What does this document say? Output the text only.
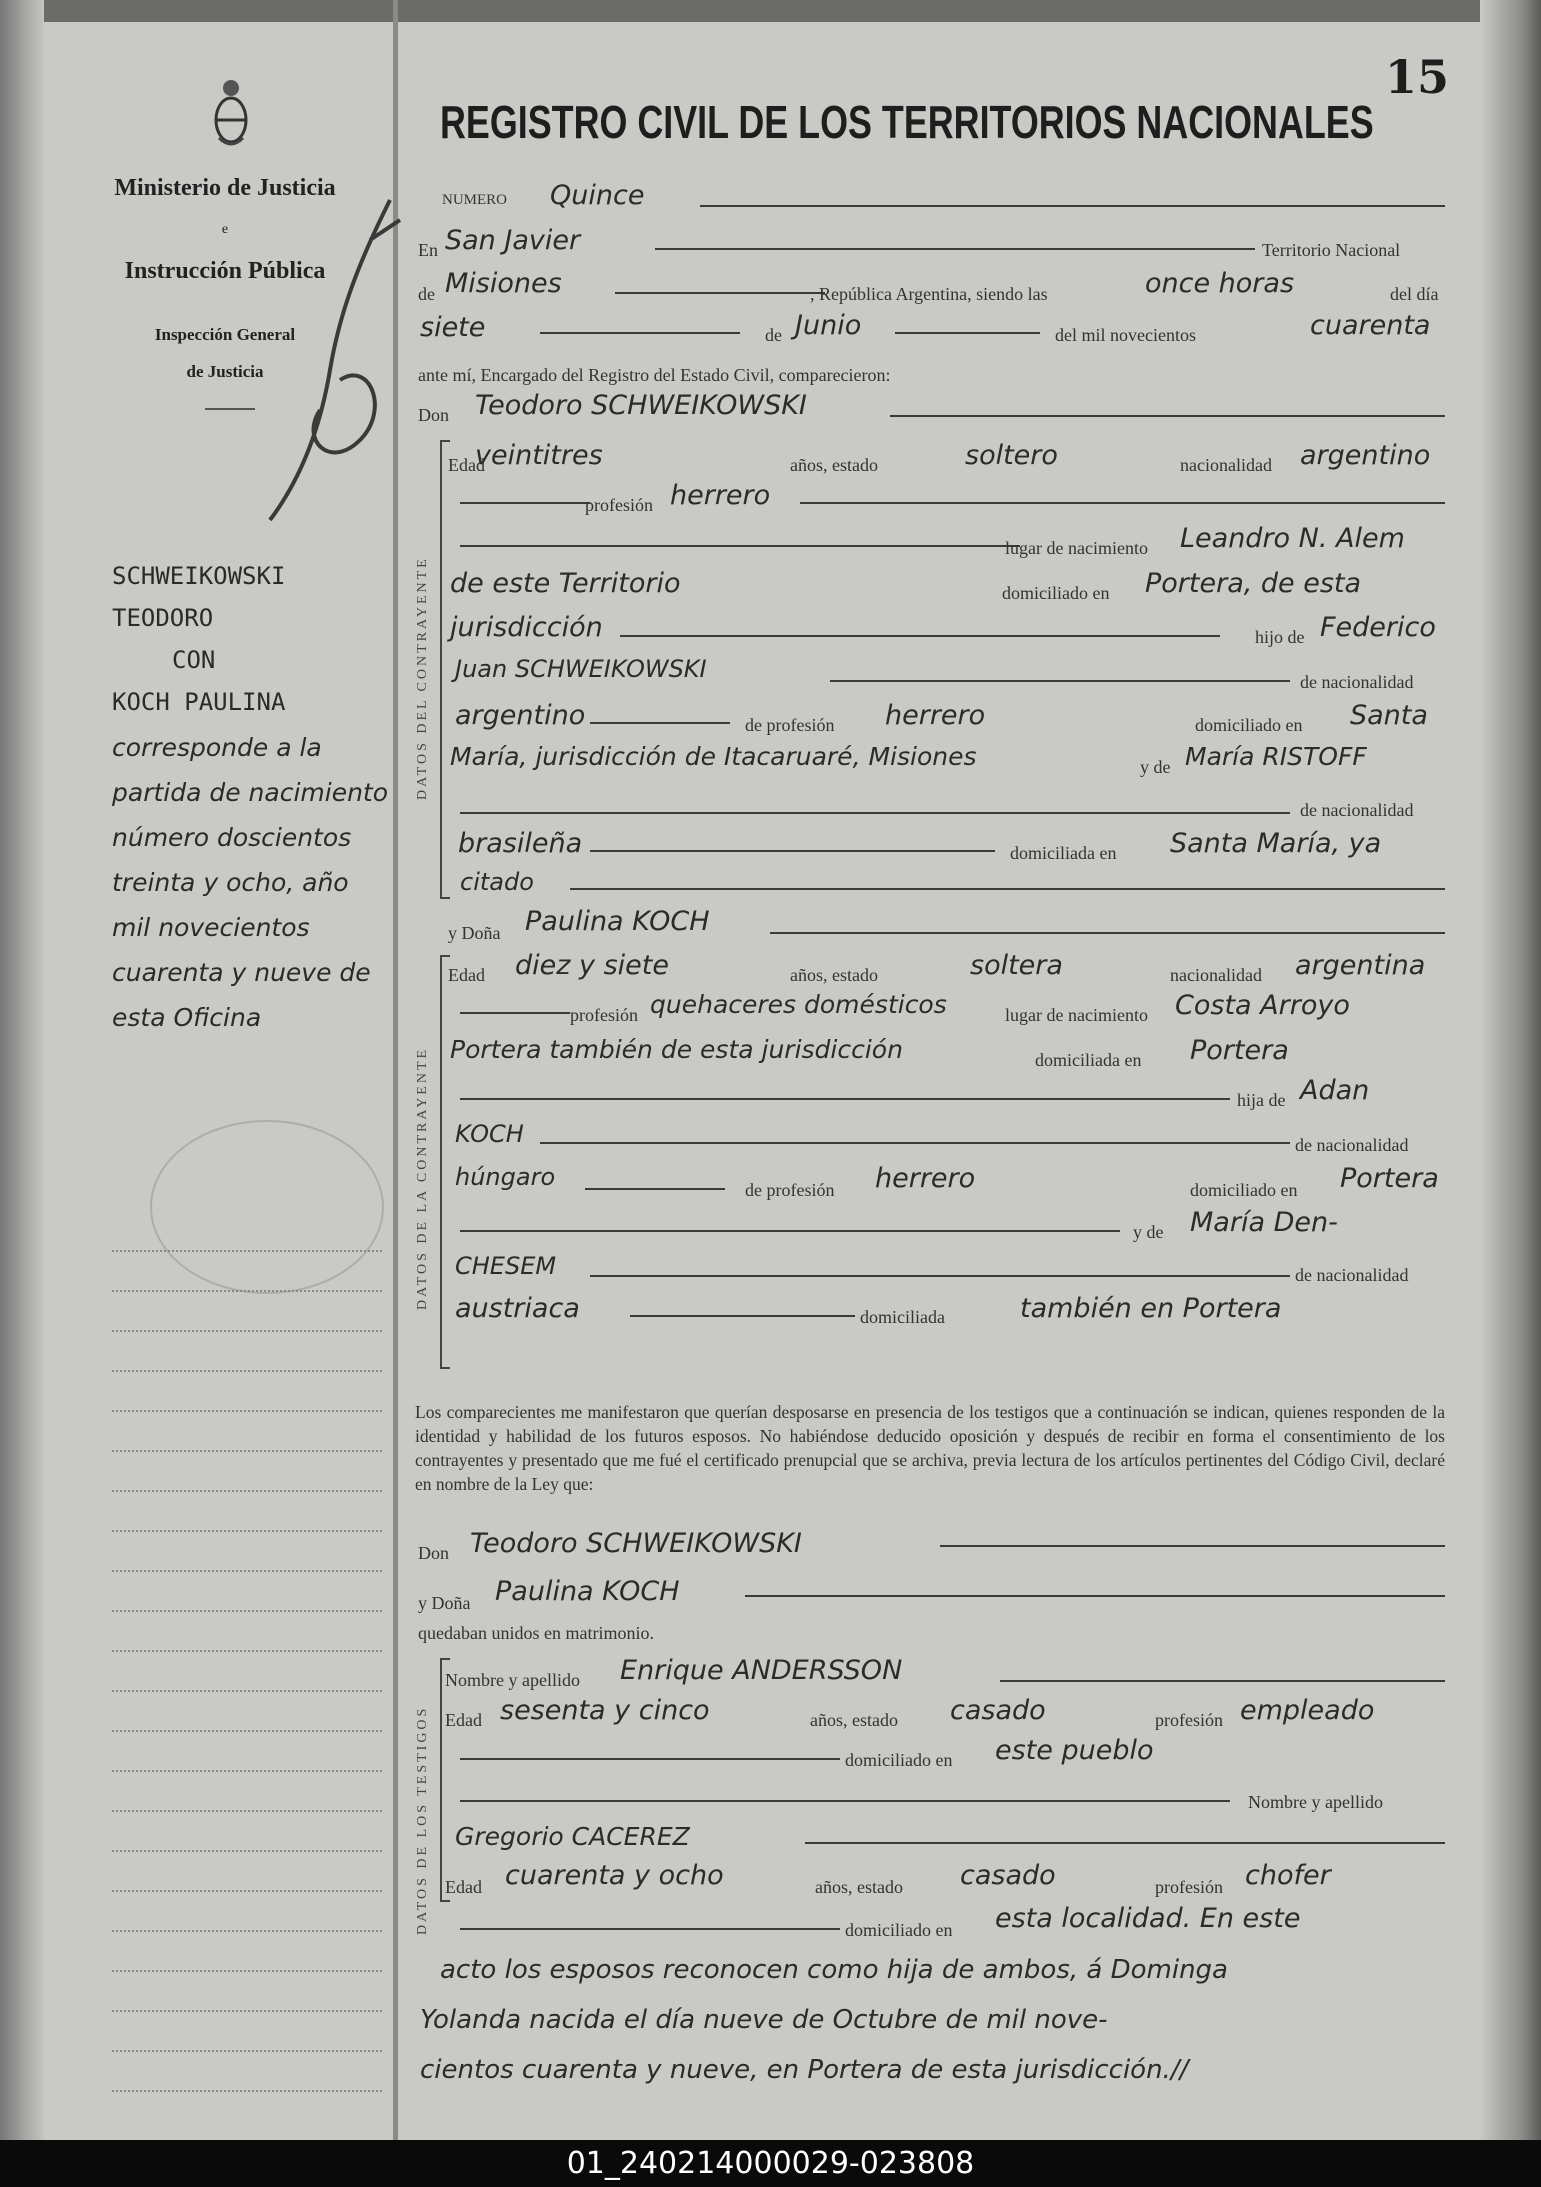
Ministerio de Justicia
e
Instrucción Pública
Inspección General
de Justicia
SCHWEIKOWSKI
TEODORO
CON
KOCH PAULINA
corresponde a la partida de nacimiento número doscientos treinta y ocho, año mil novecientos cuarenta y nueve de esta Oficina
15
REGISTRO CIVIL DE LOS TERRITORIOS NACIONALES
NUMERO Quince
En San Javier	Territorio Nacional
de Misiones	, República Argentina, siendo las	once horas	del día
siete	de Junio	del mil novecientos	cuarenta
ante mí, Encargado del Registro del Estado Civil, comparecieron:
Don Teodoro SCHWEIKOWSKI
DATOS DEL CONTRAYENTE
Edad
veintitres	años, estado	soltero	nacionalidad argentino
profesión herrero
lugar de nacimiento Leandro N. Alem
de este Territorio	domiciliado en Portera, de esta
jurisdicción	hijo de Federico
Juan SCHWEIKOWSKI	de nacionalidad
argentino	de profesión herrero	domiciliado en Santa
María, jurisdicción de Itacaruaré, Misiones	y de María RISTOFF
de nacionalidad
brasileña	domiciliada en Santa María, ya
citado
y Doña Paulina KOCH
DATOS DE LA CONTRAYENTE
Edad diez y siete	años, estado	soltera	nacionalidad argentina
profesión quehaceres domésticos	lugar de nacimiento Costa Arroyo
Portera también de esta jurisdicción	domiciliada en Portera
hija de Adan
KOCH	de nacionalidad
húngaro	de profesión herrero	domiciliado en Portera
y de María Den-
CHESEM	de nacionalidad
austriaca	domiciliada	también en Portera
Los comparecientes me manifestaron que querían desposarse en presencia de los testigos que a continuación se indican, quienes responden de la identidad y habilidad de los futuros esposos. No habiéndose deducido oposición y después de recibir en forma el consentimiento de los contrayentes y presentado que me fué el certificado prenupcial que se archiva, previa lectura de los artículos pertinentes del Código Civil, declaré en nombre de la Ley que:
Don Teodoro SCHWEIKOWSKI
y Doña Paulina KOCH
quedaban unidos en matrimonio.
DATOS DE LOS TESTIGOS
Nombre y apellido Enrique ANDERSSON
Edad sesenta y cinco	años, estado casado	profesión empleado
domiciliado en este pueblo
Nombre y apellido
Gregorio CACEREZ
Edad cuarenta y ocho	años, estado casado	profesión chofer
domiciliado en esta localidad. En este
acto los esposos reconocen como hija de ambos, á Dominga
Yolanda nacida el día nueve de Octubre de mil nove-
cientos cuarenta y nueve, en Portera de esta jurisdicción.//
01_240214000029-023808
